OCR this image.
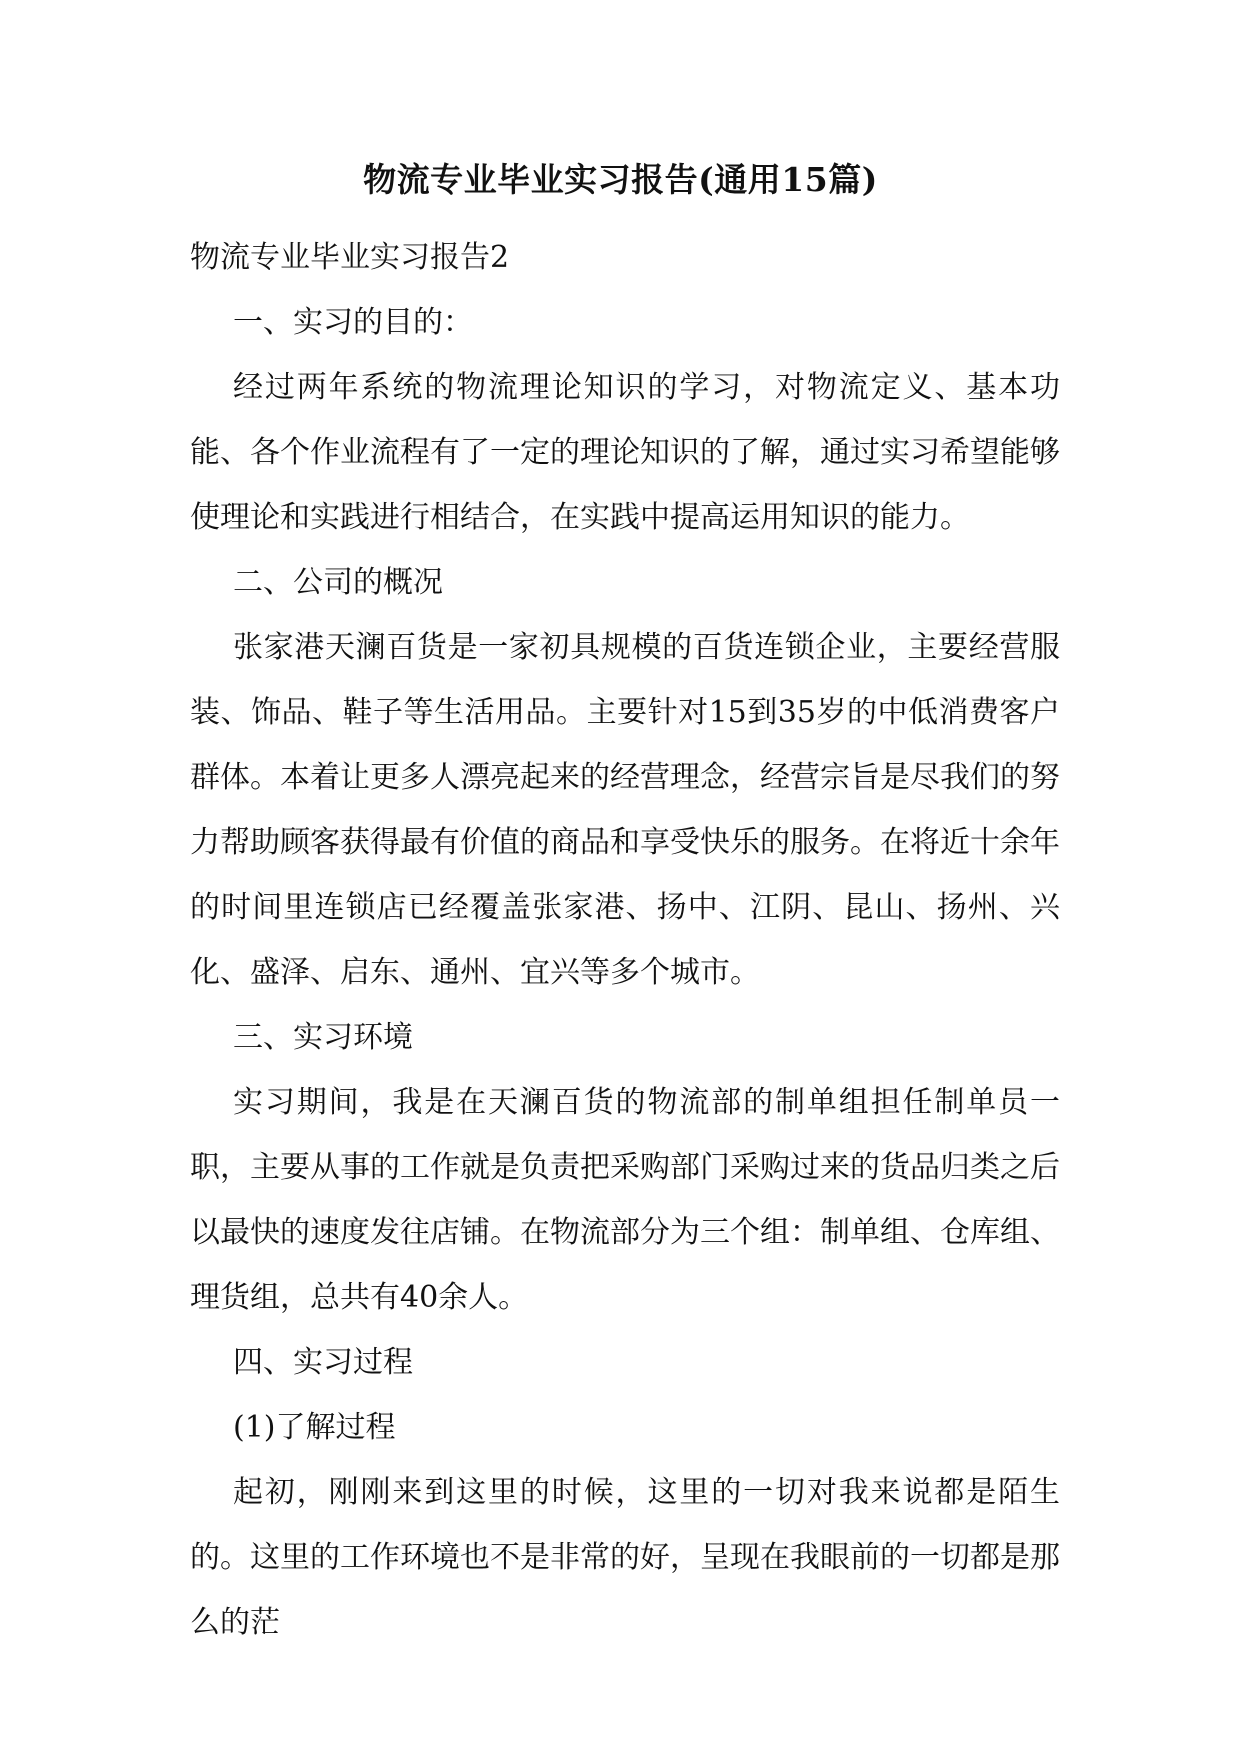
物流专业毕业实习报告(通用15篇)

物流专业毕业实习报告2

一、实习的目的：

经过两年系统的物流理论知识的学习，对物流定义、基本功能、各个作业流程有了一定的理论知识的了解，通过实习希望能够使理论和实践进行相结合，在实践中提高运用知识的能力。

二、公司的概况

张家港天澜百货是一家初具规模的百货连锁企业，主要经营服装、饰品、鞋子等生活用品。主要针对15到35岁的中低消费客户群体。本着让更多人漂亮起来的经营理念，经营宗旨是尽我们的努力帮助顾客获得最有价值的商品和享受快乐的服务。在将近十余年的时间里连锁店已经覆盖张家港、扬中、江阴、昆山、扬州、兴化、盛泽、启东、通州、宜兴等多个城市。

三、实习环境

实习期间，我是在天澜百货的物流部的制单组担任制单员一职，主要从事的工作就是负责把采购部门采购过来的货品归类之后以最快的速度发往店铺。在物流部分为三个组：制单组、仓库组、理货组，总共有40余人。

四、实习过程

(1)了解过程

起初，刚刚来到这里的时候，这里的一切对我来说都是陌生的。这里的工作环境也不是非常的好，呈现在我眼前的一切都是那么的茫
